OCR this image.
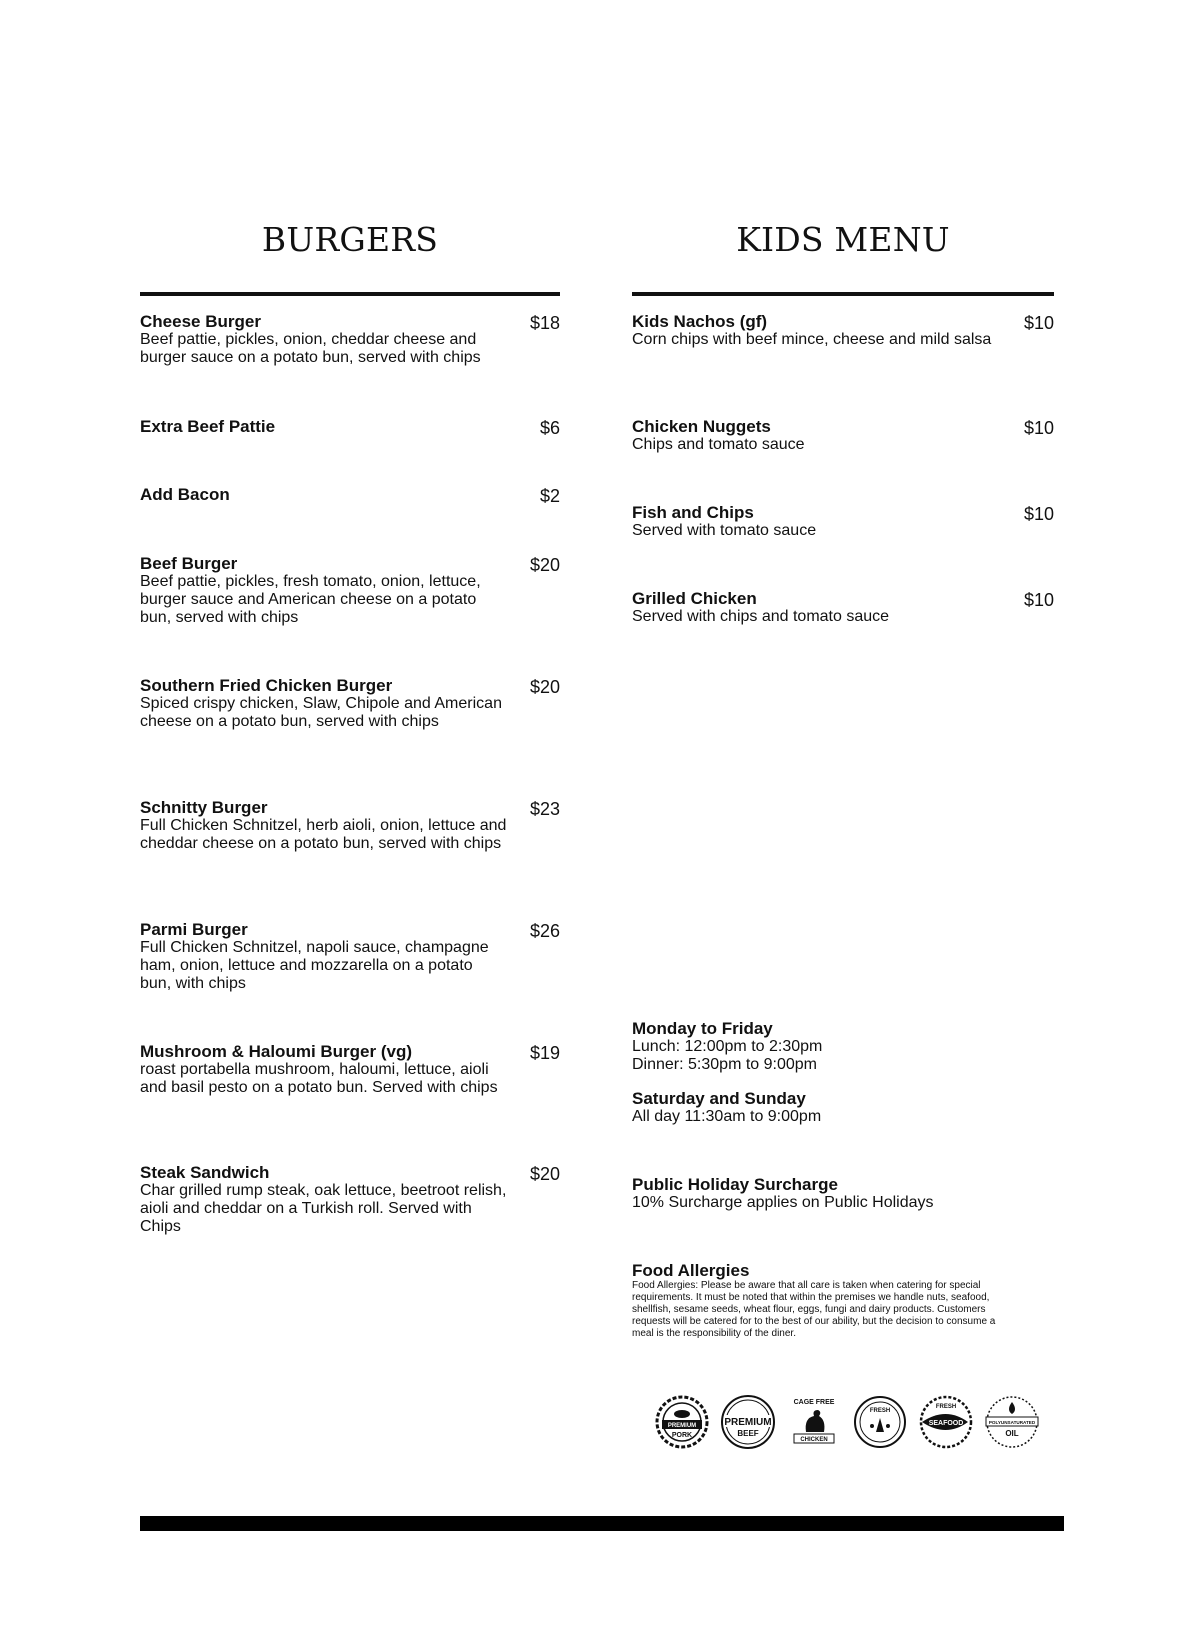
BURGERS
Cheese Burger
Beef pattie, pickles, onion, cheddar cheese and burger sauce on a potato bun, served with chips
$18
Extra Beef Pattie	$6
Add Bacon	$2
Beef Burger
Beef pattie, pickles, fresh tomato, onion, lettuce, burger sauce and American cheese on a potato bun, served with chips
$20
Southern Fried Chicken Burger
Spiced crispy chicken, Slaw, Chipole and American cheese on a potato bun, served with chips
$20
Schnitty Burger
Full Chicken Schnitzel, herb aioli, onion, lettuce and cheddar cheese on a potato bun, served with chips
$23
Parmi Burger
Full Chicken Schnitzel, napoli sauce, champagne ham, onion, lettuce and mozzarella on a potato bun, with chips
$26
Mushroom & Haloumi Burger (vg)
roast portabella mushroom, haloumi, lettuce, aioli and basil pesto on a potato bun. Served with chips
$19
Steak Sandwich
Char grilled rump steak, oak lettuce, beetroot relish, aioli and cheddar on a Turkish roll. Served with Chips
$20
KIDS MENU
Kids Nachos (gf)
Corn chips with beef mince, cheese and mild salsa
$10
Chicken Nuggets
Chips and tomato sauce
$10
Fish and Chips
Served with tomato sauce
$10
Grilled Chicken
Served with chips and tomato sauce
$10
Monday to Friday
Lunch: 12:00pm to 2:30pm
Dinner: 5:30pm to 9:00pm
Saturday and Sunday
All day 11:30am to 9:00pm
Public Holiday Surcharge
10% Surcharge applies on Public Holidays
Food Allergies
Food Allergies: Please be aware that all care is taken when catering for special requirements. It must be noted that within the premises we handle nuts, seafood, shellfish, sesame seeds, wheat flour, eggs, fungi and dairy products. Customers requests will be catered for to the best of our ability, but the decision to consume a meal is the responsibility of the diner.
PREMIUM
PORK
PREMIUM
BEEF
CAGE FREE
CHICKEN
FRESH
FRESH
SEAFOOD	POLYUNSATURATED
OIL
